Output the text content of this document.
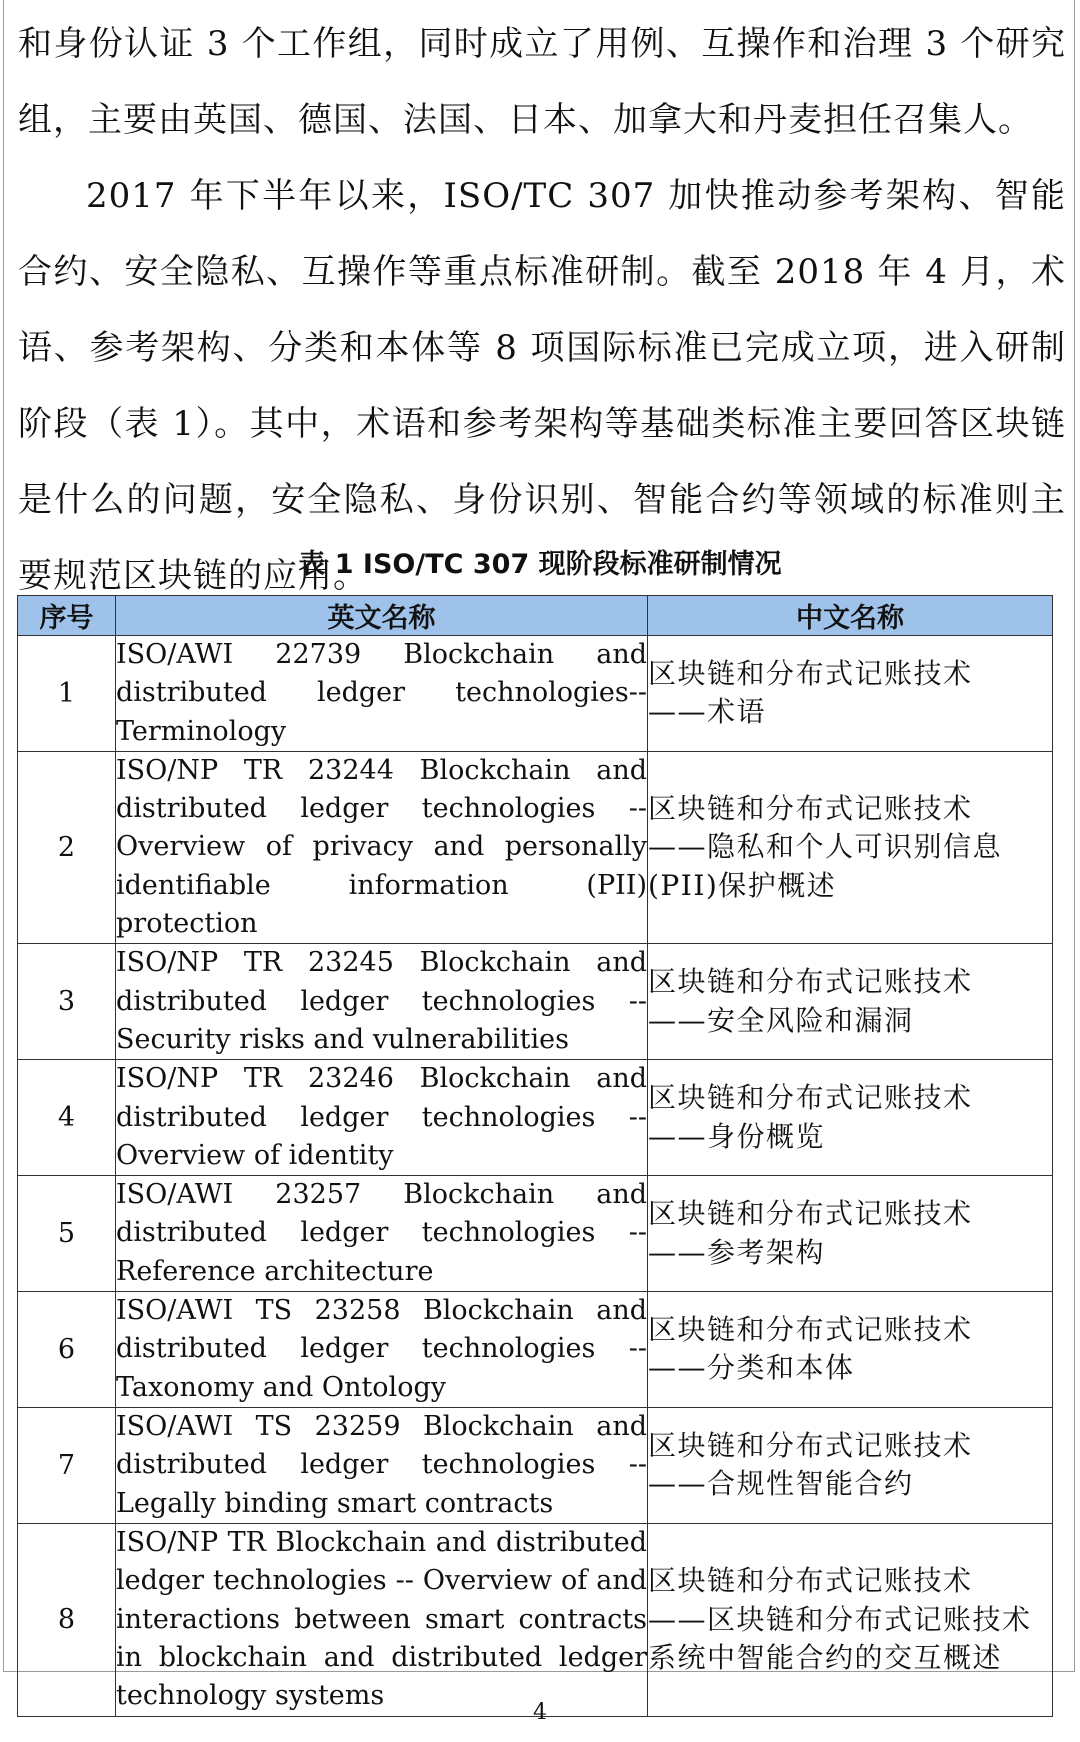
和身份认证 3 个工作组，同时成立了用例、互操作和治理 3 个研究组，主要由英国、德国、法国、日本、加拿大和丹麦担任召集人。

2017 年下半年以来，ISO/TC 307 加快推动参考架构、智能合约、安全隐私、互操作等重点标准研制。截至 2018 年 4 月，术语、参考架构、分类和本体等 8 项国际标准已完成立项，进入研制阶段（表 1）。其中，术语和参考架构等基础类标准主要回答区块链是什么的问题，安全隐私、身份识别、智能合约等领域的标准则主要规范区块链的应用。

表 1 ISO/TC 307 现阶段标准研制情况
序号	英文名称	中文名称
1	ISO/AWI 22739 Blockchain and distributed ledger technologies--Terminology	区块链和分布式记账技术
——术语

2	ISO/NP TR 23244 Blockchain and distributed ledger technologies -- Overview of privacy and personally identifiable information (PII) protection	区块链和分布式记账技术
——隐私和个人可识别信息(PII)保护概述

3	ISO/NP TR 23245 Blockchain and distributed ledger technologies -- Security risks and vulnerabilities	区块链和分布式记账技术
——安全风险和漏洞

4	ISO/NP TR 23246 Blockchain and distributed ledger technologies -- Overview of identity	区块链和分布式记账技术
——身份概览

5	ISO/AWI 23257 Blockchain and distributed ledger technologies -- Reference architecture	区块链和分布式记账技术
——参考架构

6	ISO/AWI TS 23258 Blockchain and distributed ledger technologies -- Taxonomy and Ontology	区块链和分布式记账技术
——分类和本体

7	ISO/AWI TS 23259 Blockchain and distributed ledger technologies -- Legally binding smart contracts	区块链和分布式记账技术
——合规性智能合约

8	ISO/NP TR Blockchain and distributed ledger technologies -- Overview of and interactions between smart contracts in blockchain and distributed ledger technology systems	区块链和分布式记账技术
——区块链和分布式记账技术系统中智能合约的交互概述
4
